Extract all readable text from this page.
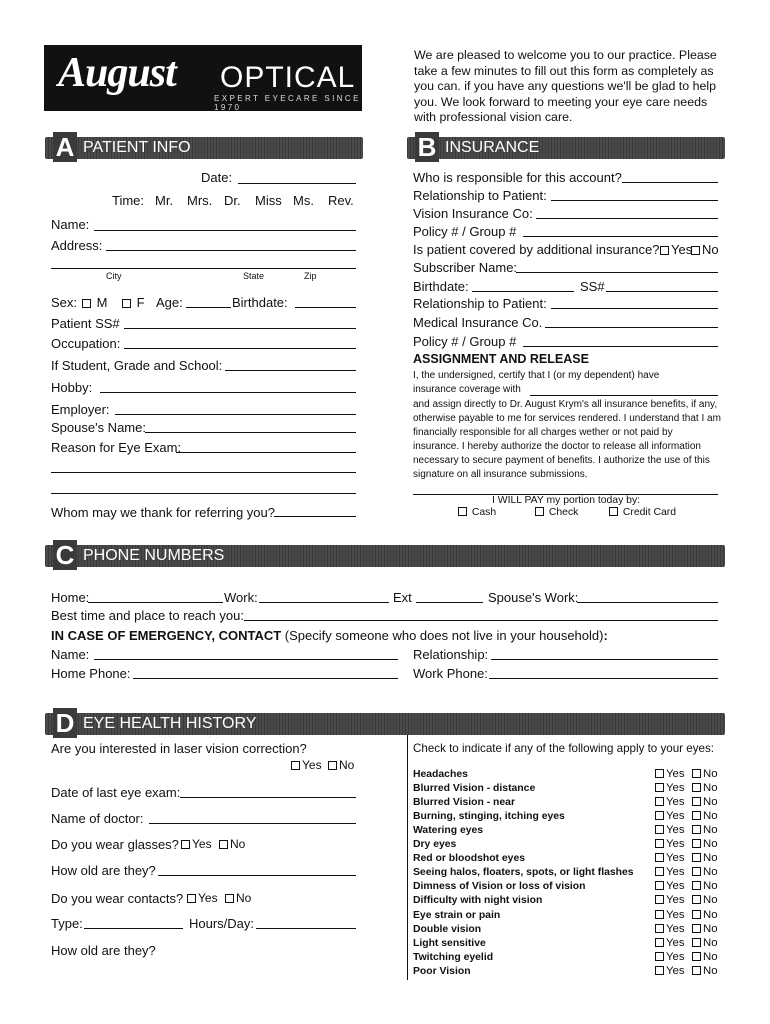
August OPTICAL
EXPERT EYECARE SINCE 1970
We are pleased to welcome you to our practice. Please take a few minutes to fill out this form as completely as you can. if you have any questions we'll be glad to help you. We look forward to meeting your eye care needs with professional vision care.
A PATIENT INFO	B INSURANCE
Date:
Time: Mr. Mrs. Dr. Miss Ms. Rev.
Name:
Address:
City	State	Zip
Sex:	M	F Age:	Birthdate:
Patient SS#
Occupation:
If Student, Grade and School:
Hobby:
Employer:
Spouse's Name:
Reason for Eye Exam:
Whom may we thank for referring you?
Who is responsible for this account?
Relationship to Patient:
Vision Insurance Co:
Policy # / Group #
Is patient covered by additional insurance? Yes No
Subscriber Name:
Birthdate:	SS#
Relationship to Patient:
Medical Insurance Co.
Policy # / Group #
ASSIGNMENT AND RELEASE
I, the undersigned, certify that I (or my dependent) have
insurance coverage with
and assign directly to Dr. August Krym's all insurance benefits, if any, otherwise payable to me for services rendered. I understand that I am financially responsible for all charges wether or not paid by insurance. I hereby authorize the doctor to release all information necessary to secure payment of benefits. I authorize the use of this signature on all insurance submissions.
I WILL PAY my portion today by:
Cash	Check	Credit Card
C PHONE NUMBERS
Home:	Work:	Ext	Spouse's Work:
Best time and place to reach you:
IN CASE OF EMERGENCY, CONTACT (Specify someone who does not live in your household):
Name:	Relationship:
Home Phone:	Work Phone:
D EYE HEALTH HISTORY
Are you interested in laser vision correction?
Yes	No
Date of last eye exam:
Name of doctor:
Do you wear glasses?	Yes	No
How old are they?
Do you wear contacts?	Yes	No
Type:	Hours/Day:
How old are they?
Check to indicate if any of the following apply to your eyes:
Headaches	Yes	No
Blurred Vision - distance	Yes	No
Blurred Vision - near	Yes	No
Burning, stinging, itching eyes	Yes	No
Watering eyes	Yes	No
Dry eyes	Yes	No
Red or bloodshot eyes	Yes	No
Seeing halos, floaters, spots, or light flashes	Yes	No
Dimness of Vision or loss of vision	Yes	No
Difficulty with night vision	Yes	No
Eye strain or pain	Yes	No
Double vision	Yes	No
Light sensitive	Yes	No
Twitching eyelid	Yes	No
Poor Vision	Yes	No
